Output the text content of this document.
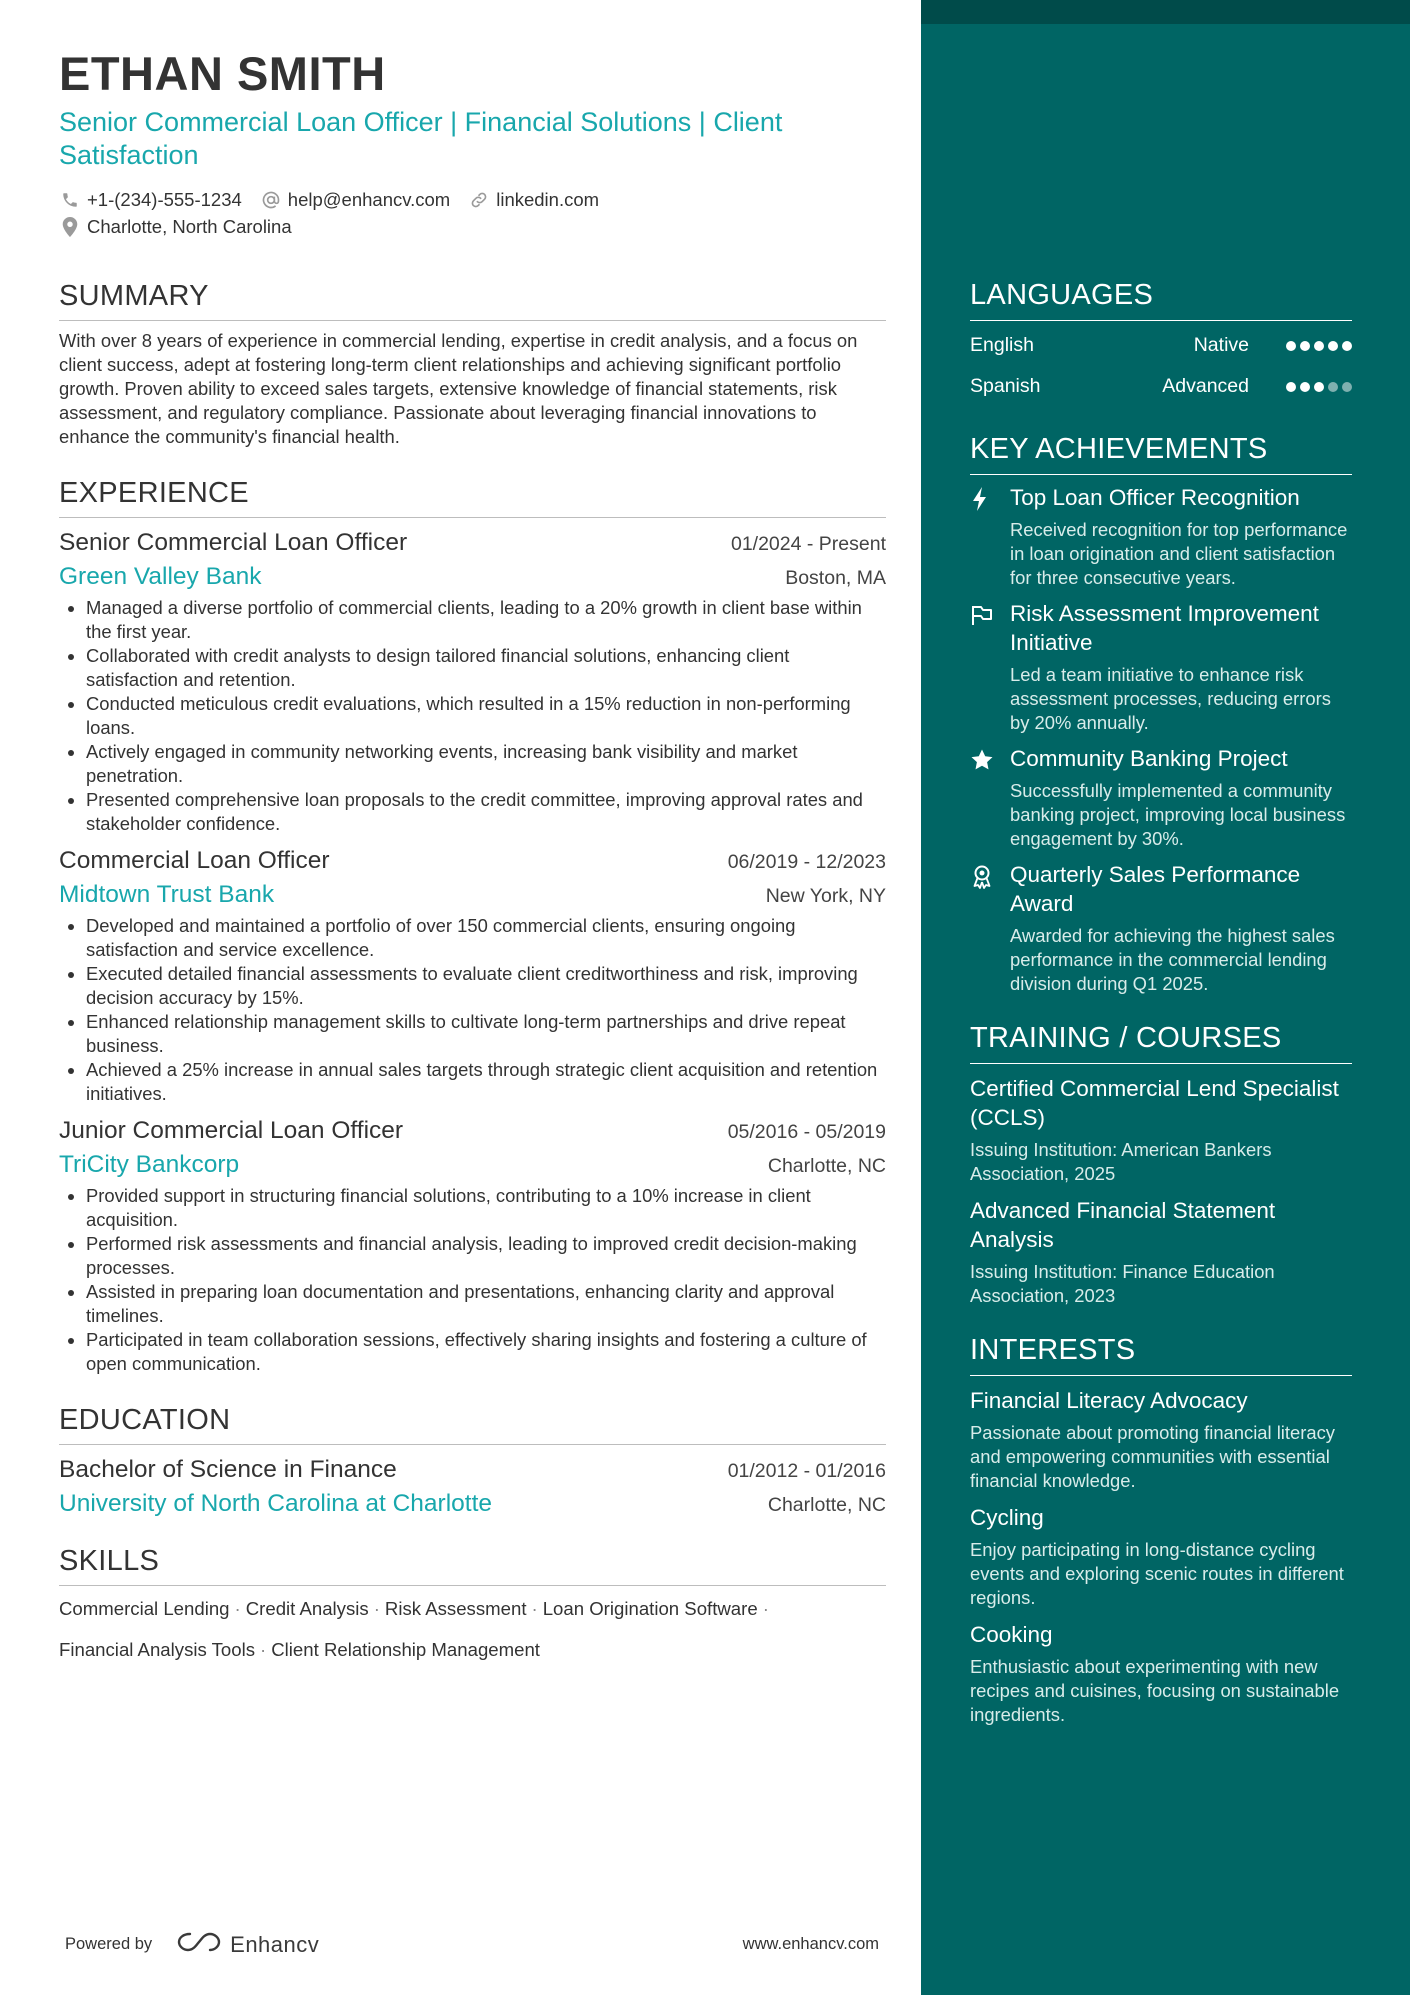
ETHAN SMITH
Senior Commercial Loan Officer | Financial Solutions | Client Satisfaction
+1-(234)-555-1234 help@enhancv.com linkedin.com
Charlotte, North Carolina
SUMMARY
With over 8 years of experience in commercial lending, expertise in credit analysis, and a focus on client success, adept at fostering long-term client relationships and achieving significant portfolio growth. Proven ability to exceed sales targets, extensive knowledge of financial statements, risk assessment, and regulatory compliance. Passionate about leveraging financial innovations to enhance the community's financial health.
EXPERIENCE
Senior Commercial Loan Officer	01/2024 - Present
Green Valley Bank	Boston, MA
• Managed a diverse portfolio of commercial clients, leading to a 20% growth in client base within the first year.
• Collaborated with credit analysts to design tailored financial solutions, enhancing client satisfaction and retention.
• Conducted meticulous credit evaluations, which resulted in a 15% reduction in non-performing loans.
• Actively engaged in community networking events, increasing bank visibility and market penetration.
• Presented comprehensive loan proposals to the credit committee, improving approval rates and stakeholder confidence.
Commercial Loan Officer	06/2019 - 12/2023
Midtown Trust Bank	New York, NY
• Developed and maintained a portfolio of over 150 commercial clients, ensuring ongoing satisfaction and service excellence.
• Executed detailed financial assessments to evaluate client creditworthiness and risk, improving decision accuracy by 15%.
• Enhanced relationship management skills to cultivate long-term partnerships and drive repeat business.
• Achieved a 25% increase in annual sales targets through strategic client acquisition and retention initiatives.
Junior Commercial Loan Officer	05/2016 - 05/2019
TriCity Bankcorp	Charlotte, NC
• Provided support in structuring financial solutions, contributing to a 10% increase in client acquisition.
• Performed risk assessments and financial analysis, leading to improved credit decision-making processes.
• Assisted in preparing loan documentation and presentations, enhancing clarity and approval timelines.
• Participated in team collaboration sessions, effectively sharing insights and fostering a culture of open communication.
EDUCATION
Bachelor of Science in Finance	01/2012 - 01/2016
University of North Carolina at Charlotte	Charlotte, NC
SKILLS
Commercial Lending · Credit Analysis · Risk Assessment · Loan Origination Software ·
Financial Analysis Tools · Client Relationship Management
Powered by	Enhancv	www.enhancv.com
LANGUAGES
English	Native
Spanish	Advanced
KEY ACHIEVEMENTS
Top Loan Officer Recognition
Received recognition for top performance in loan origination and client satisfaction for three consecutive years.
Risk Assessment Improvement Initiative
Led a team initiative to enhance risk assessment processes, reducing errors by 20% annually.
Community Banking Project
Successfully implemented a community banking project, improving local business engagement by 30%.
Quarterly Sales Performance Award
Awarded for achieving the highest sales performance in the commercial lending division during Q1 2025.
TRAINING / COURSES
Certified Commercial Lend Specialist (CCLS)
Issuing Institution: American Bankers Association, 2025
Advanced Financial Statement Analysis
Issuing Institution: Finance Education Association, 2023
INTERESTS
Financial Literacy Advocacy
Passionate about promoting financial literacy and empowering communities with essential financial knowledge.
Cycling
Enjoy participating in long-distance cycling events and exploring scenic routes in different regions.
Cooking
Enthusiastic about experimenting with new recipes and cuisines, focusing on sustainable ingredients.
